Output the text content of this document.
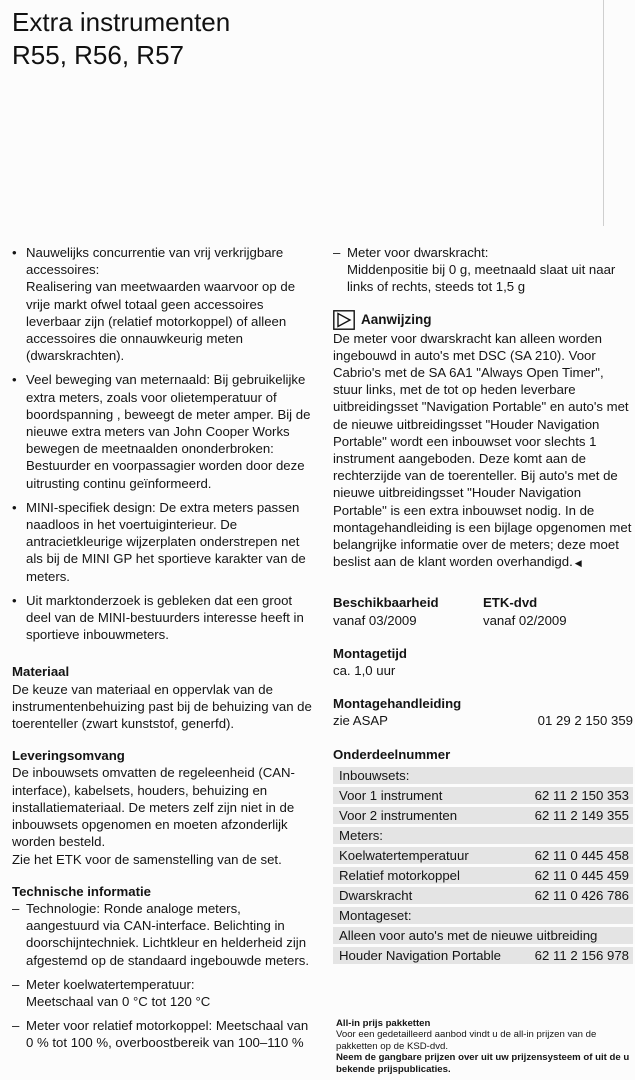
Extra instrumenten
R55, R56, R57

• Nauwelijks concurrentie van vrij verkrijgbare accessoires:

Realisering van meetwaarden waarvoor op de vrije markt ofwel totaal geen accessoires leverbaar zijn (relatief motorkoppel) of alleen accessoires die onnauwkeurig meten (dwarskrachten).

• Veel beweging van meternaald: Bij gebruikelijke extra meters, zoals voor olietemperatuur of boordspanning , beweegt de meter amper. Bij de nieuwe extra meters van John Cooper Works bewegen de meetnaalden ononderbroken: Bestuurder en voorpassagier worden door deze uitrusting continu geïnformeerd.

• MINI-specifiek design: De extra meters passen naadloos in het voertuiginterieur. De antracietkleurige wijzerplaten onderstrepen net als bij de MINI GP het sportieve karakter van de meters.

• Uit marktonderzoek is gebleken dat een groot deel van de MINI-bestuurders interesse heeft in sportieve inbouwmeters.

Materiaal

De keuze van materiaal en oppervlak van de instrumentenbehuizing past bij de behuizing van de toerenteller (zwart kunststof, generfd).

Leveringsomvang

De inbouwsets omvatten de regeleenheid (CAN-interface), kabelsets, houders, behuizing en installatiemateriaal. De meters zelf zijn niet in de inbouwsets opgenomen en moeten afzonderlijk worden besteld.

Zie het ETK voor de samenstelling van de set.

Technische informatie

– Technologie: Ronde analoge meters, aangestuurd via CAN-interface. Belichting in doorschijntechniek. Lichtkleur en helderheid zijn afgestemd op de standaard ingebouwde meters.
– Meter koelwatertemperatuur:
Meetschaal van 0 °C tot 120 °C
– Meter voor relatief motorkoppel: Meetschaal van 0 % tot 100 %, overboostbereik van 100–110 %
– Meter voor dwarskracht:
Middenpositie bij 0 g, meetnaald slaat uit naar links of rechts, steeds tot 1,5 g
Aanwijzing

De meter voor dwarskracht kan alleen worden ingebouwd in auto's met DSC (SA 210). Voor Cabrio's met de SA 6A1 "Always Open Timer", stuur links, met de tot op heden leverbare uitbreidingsset "Navigation Portable" en auto's met de nieuwe uitbreidingsset "Houder Navigation Portable" wordt een inbouwset voor slechts 1 instrument aangeboden. Deze komt aan de rechterzijde van de toerenteller. Bij auto's met de nieuwe uitbreidingsset "Houder Navigation Portable" is een extra inbouwset nodig. In de montagehandleiding is een bijlage opgenomen met belangrijke informatie over de meters; deze moet beslist aan de klant worden overhandigd. ◀

Beschikbaarheid

vanaf 03/2009

ETK-dvd

vanaf 02/2009

Montagetijd

ca. 1,0 uur

Montagehandleiding

zie ASAP	01 29 2 150 359

Onderdeelnummer

Inbouwsets:
Voor 1 instrument	62 11 2 150 353
Voor 2 instrumenten	62 11 2 149 355
Meters:
Koelwatertemperatuur	62 11 0 445 458
Relatief motorkoppel	62 11 0 445 459
Dwarskracht	62 11 0 426 786
Montageset:
Alleen voor auto's met de nieuwe uitbreiding
Houder Navigation Portable	62 11 2 156 978

All-in prijs pakketten

Voor een gedetailleerd aanbod vindt u de all-in prijzen van de pakketten op de KSD-dvd.

Neem de gangbare prijzen over uit uw prijzensysteem of uit de u bekende prijspublicaties.
